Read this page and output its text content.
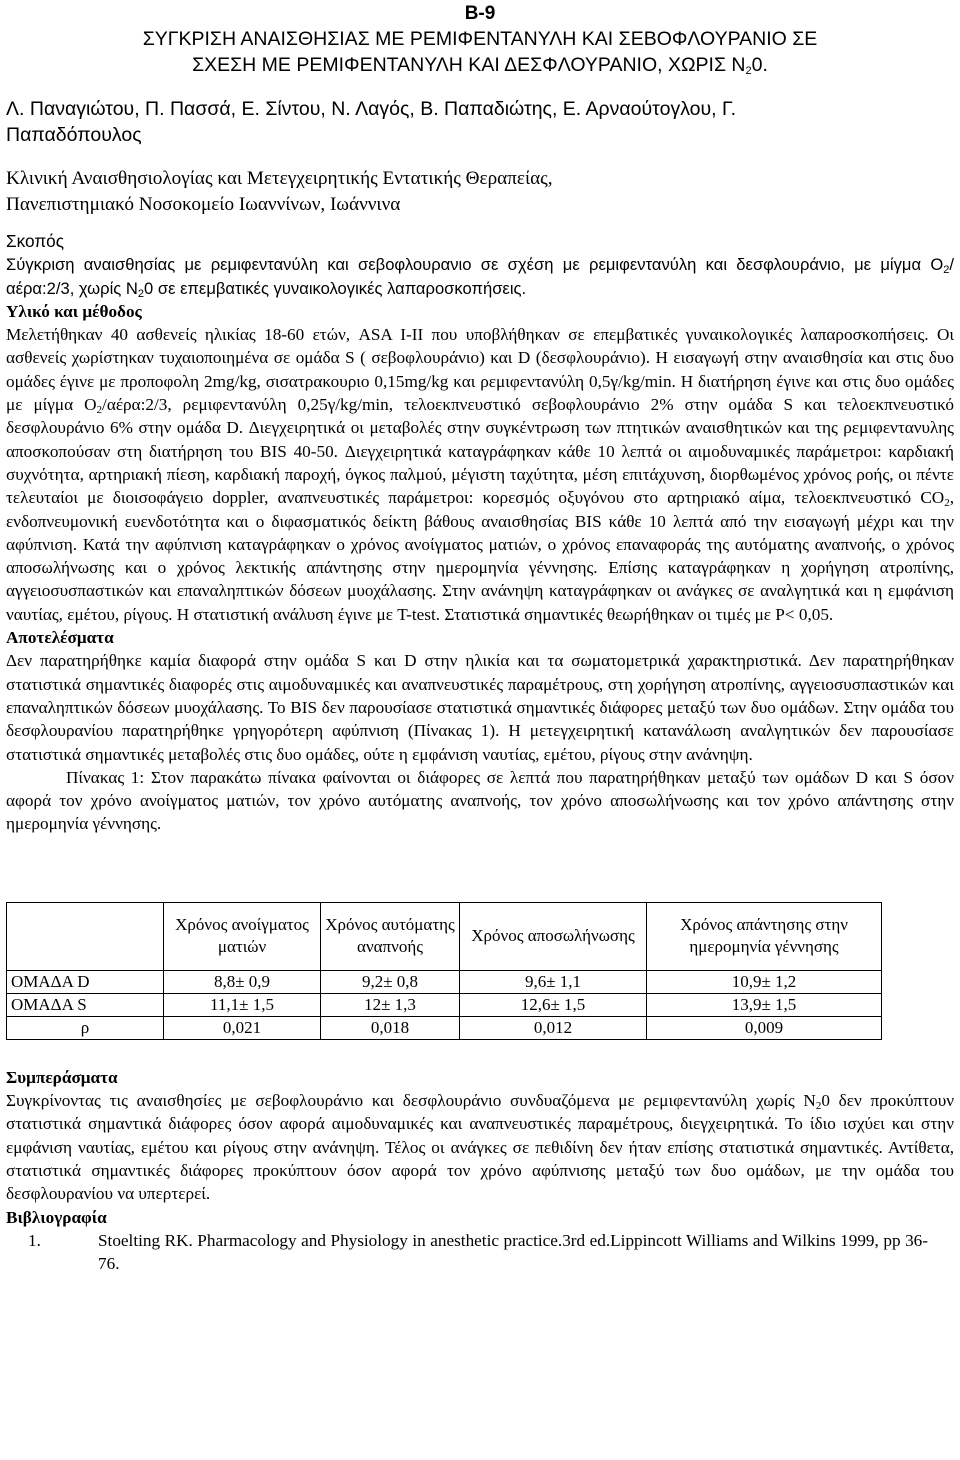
Β-9
ΣΥΓΚΡΙΣΗ ΑΝΑΙΣΘΗΣΙΑΣ ΜΕ ΡΕΜΙΦΕΝΤΑΝΥΛΗ ΚΑΙ ΣΕΒΟΦΛΟΥΡΑΝΙΟ ΣΕ
ΣΧΕΣΗ ΜΕ ΡΕΜΙΦΕΝΤΑΝΥΛΗ ΚΑΙ ΔΕΣΦΛΟΥΡΑΝΙΟ, ΧΩΡΙΣ $N_20$.
Λ. Παναγιώτου, Π. Πασσά, Ε. Σίντου, Ν. Λαγός, Β. Παπαδιώτης, Ε. Αρναούτογλου, Γ.
Παπαδόπουλος
Κλινική Αναισθησιολογίας και Μετεγχειρητικής Εντατικής Θεραπείας,
Πανεπιστημιακό Νοσοκομείο Ιωαννίνων, Ιωάννινα
Σκοπός

Σύγκριση αναισθησίας με ρεμιφεντανύλη και σεβοφλουρανιο σε σχέση με ρεμιφεντανύλη και δεσφλουράνιο, με μίγμα $O_2/\alpha έ\rho\alpha:2/3$, χωρίς $N_20$ σε επεμβατικές γυναικολογικές λαπαροσκοπήσεις.

Υλικό και μέθοδος

Μελετήθηκαν 40 ασθενείς ηλικίας 18-60 ετών, ASA I-II που υποβλήθηκαν σε επεμβατικές γυναικολογικές λαπαροσκοπήσεις. Οι ασθενείς χωρίστηκαν τυχαιοποιημένα σε ομάδα S ( σεβοφλουράνιο) και D (δεσφλουράνιο). Η εισαγωγή στην αναισθησία και στις δυο ομάδες έγινε με προποφολη 2mg/kg, σισατρακουριο 0,15mg/kg και ρεμιφεντανύλη 0,5γ/kg/min. Η διατήρηση έγινε και στις δυο ομάδες με μίγμα $O_2/\alpha έ\rho\alpha:2/3$, ρεμιφεντανύλη 0,25γ/kg/min, τελοεκπνευστικό σεβοφλουράνιο 2% στην ομάδα S και τελοεκπνευστικό δεσφλουράνιο 6% στην ομάδα D. Διεγχειρητικά οι μεταβολές στην συγκέντρωση των πτητικών αναισθητικών και της ρεμιφεντανυλης αποσκοπούσαν στη διατήρηση του BIS 40-50. Διεγχειρητικά καταγράφηκαν κάθε 10 λεπτά οι αιμοδυναμικές παράμετροι: καρδιακή συχνότητα, αρτηριακή πίεση, καρδιακή παροχή, όγκος παλμού, μέγιστη ταχύτητα, μέση επιτάχυνση, διορθωμένος χρόνος ροής, οι πέντε τελευταίοι με διοισοφάγειο doppler, αναπνευστικές παράμετροι: κορεσμός οξυγόνου στο αρτηριακό αίμα, τελοεκπνευστικό $CO_2$, ενδοπνευμονική ευενδοτότητα και ο διφασματικός δείκτη βάθους αναισθησίας BIS κάθε 10 λεπτά από την εισαγωγή μέχρι και την αφύπνιση. Κατά την αφύπνιση καταγράφηκαν ο χρόνος ανοίγματος ματιών, ο χρόνος επαναφοράς της αυτόματης αναπνοής, ο χρόνος αποσωλήνωσης και ο χρόνος λεκτικής απάντησης στην ημερομηνία γέννησης. Επίσης καταγράφηκαν η χορήγηση ατροπίνης, αγγειοσυσπαστικών και επαναληπτικών δόσεων μυοχάλασης. Στην ανάνηψη καταγράφηκαν οι ανάγκες σε αναλγητικά και η εμφάνιση ναυτίας, εμέτου, ρίγους. Η στατιστική ανάλυση έγινε με T-test. Στατιστικά σημαντικές θεωρήθηκαν οι τιμές με P< 0,05.

Αποτελέσματα

Δεν παρατηρήθηκε καμία διαφορά στην ομάδα S και D στην ηλικία και τα σωματομετρικά χαρακτηριστικά. Δεν παρατηρήθηκαν στατιστικά σημαντικές διαφορές στις αιμοδυναμικές και αναπνευστικές παραμέτρους, στη χορήγηση ατροπίνης, αγγειοσυσπαστικών και επαναληπτικών δόσεων μυοχάλασης. Το BIS δεν παρουσίασε στατιστικά σημαντικές διάφορες μεταξύ των δυο ομάδων. Στην ομάδα του δεσφλουρανίου παρατηρήθηκε γρηγορότερη αφύπνιση (Πίνακας 1). Η μετεγχειρητική κατανάλωση αναλγητικών δεν παρουσίασε στατιστικά σημαντικές μεταβολές στις δυο ομάδες, ούτε η εμφάνιση ναυτίας, εμέτου, ρίγους στην ανάνηψη.

Πίνακας 1: Στον παρακάτω πίνακα φαίνονται οι διάφορες σε λεπτά που παρατηρήθηκαν μεταξύ των ομάδων D και S όσον αφορά τον χρόνο ανοίγματος ματιών, τον χρόνο αυτόματης αναπνοής, τον χρόνο αποσωλήνωσης και τον χρόνο απάντησης στην ημερομηνία γέννησης.

	Χρόνος ανοίγματος ματιών	Χρόνος αυτόματης αναπνοής	Χρόνος αποσωλήνωσης	Χρόνος απάντησης στην ημερομηνία γέννησης
ΟΜΑΔΑ D	8,8± 0,9	9,2± 0,8	9,6± 1,1	10,9± 1,2
ΟΜΑΔΑ S	11,1± 1,5	12± 1,3	12,6± 1,5	13,9± 1,5
ρ	0,021	0,018	0,012	0,009
Συμπεράσματα

Συγκρίνοντας τις αναισθησίες με σεβοφλουράνιο και δεσφλουράνιο συνδυαζόμενα με ρεμιφεντανύλη χωρίς $N_20$ δεν προκύπτουν στατιστικά σημαντικά διάφορες όσον αφορά αιμοδυναμικές και αναπνευστικές παραμέτρους, διεγχειρητικά. Το ίδιο ισχύει και στην εμφάνιση ναυτίας, εμέτου και ρίγους στην ανάνηψη. Τέλος οι ανάγκες σε πεθιδίνη δεν ήταν επίσης στατιστικά σημαντικές. Αντίθετα, στατιστικά σημαντικές διάφορες προκύπτουν όσον αφορά τον χρόνο αφύπνισης μεταξύ των δυο ομάδων, με την ομάδα του δεσφλουρανίου να υπερτερεί.

Βιβλιογραφία
1.	Stoelting RK. Pharmacology and Physiology in anesthetic practice.3rd ed.Lippincott Williams and Wilkins 1999, pp 36-76.
